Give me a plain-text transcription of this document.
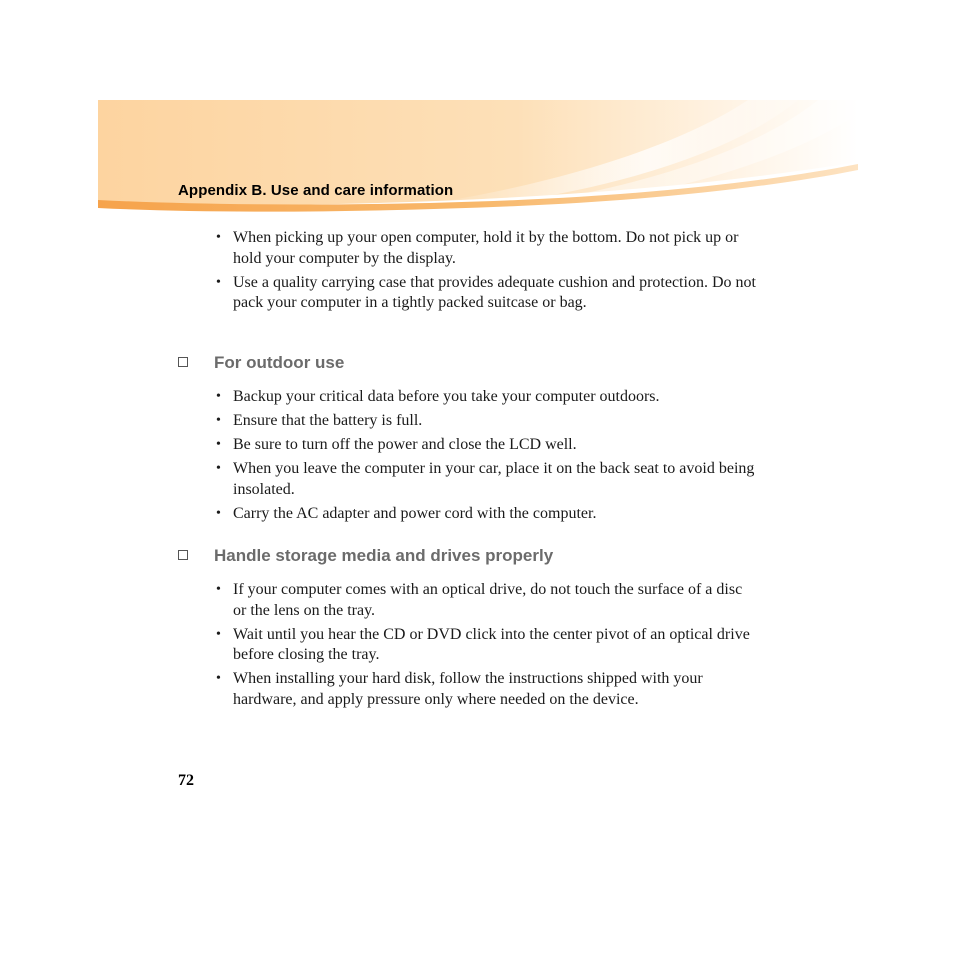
Appendix B. Use and care information
• When picking up your open computer, hold it by the bottom. Do not pick up or hold your computer by the display.
• Use a quality carrying case that provides adequate cushion and protection. Do not pack your computer in a tightly packed suitcase or bag.
For outdoor use
• Backup your critical data before you take your computer outdoors.
• Ensure that the battery is full.
• Be sure to turn off the power and close the LCD well.
• When you leave the computer in your car, place it on the back seat to avoid being insolated.
• Carry the AC adapter and power cord with the computer.
Handle storage media and drives properly
• If your computer comes with an optical drive, do not touch the surface of a disc or the lens on the tray.
• Wait until you hear the CD or DVD click into the center pivot of an optical drive before closing the tray.
• When installing your hard disk, follow the instructions shipped with your hardware, and apply pressure only where needed on the device.
72
